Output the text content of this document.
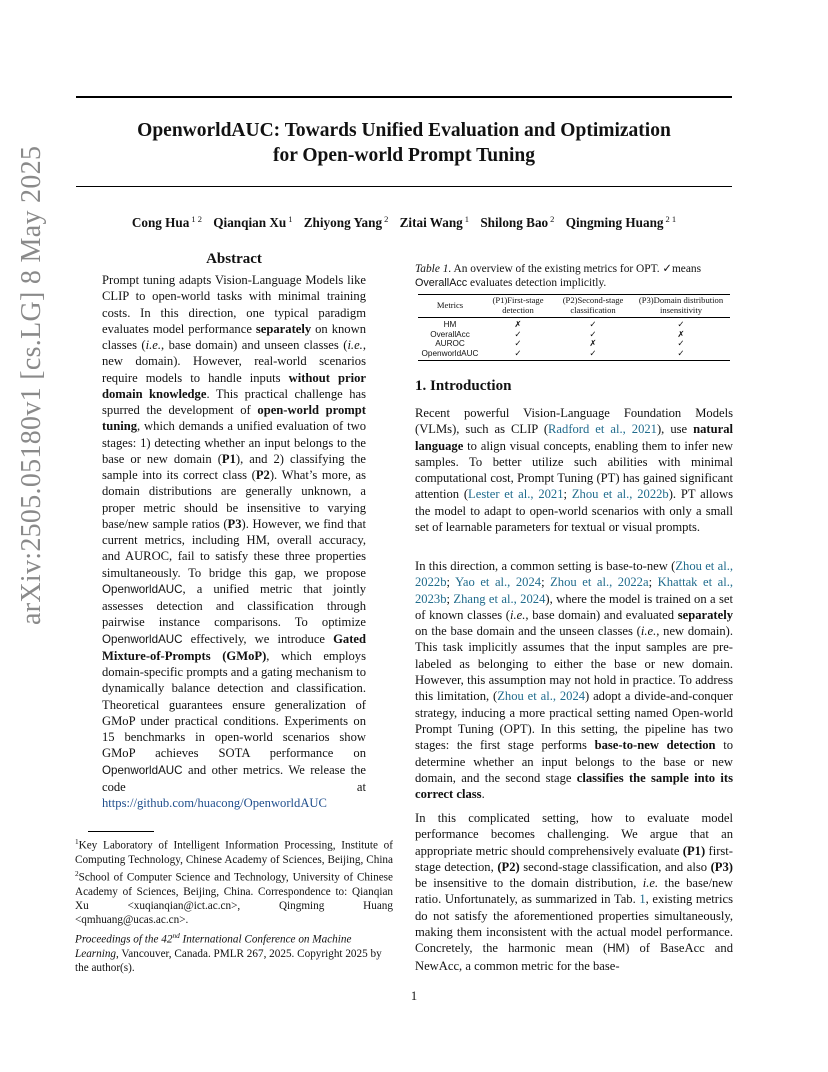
arXiv:2505.05180v1 [cs.LG] 8 May 2025
OpenworldAUC: Towards Unified Evaluation and Optimization
for Open-world Prompt Tuning
Cong Hua $^{1 2}$ Qianqian Xu $^1$ Zhiyong Yang $^2$ Zitai Wang $^1$ Shilong Bao $^2$ Qingming Huang $^{2 1}$
Abstract
Prompt tuning adapts Vision-Language Models like CLIP to open-world tasks with minimal training costs. In this direction, one typical paradigm evaluates model performance separately on known classes (i.e., base domain) and unseen classes (i.e., new domain). However, real-world scenarios require models to handle inputs without prior domain knowledge. This practical challenge has spurred the development of open-world prompt tuning, which demands a unified evaluation of two stages: 1) detecting whether an input belongs to the base or new domain (P1), and 2) classifying the sample into its correct class (P2). What’s more, as domain distributions are generally unknown, a proper metric should be insensitive to varying base/new sample ratios (P3). However, we find that current metrics, including HM, overall accuracy, and AUROC, fail to satisfy these three properties simultaneously. To bridge this gap, we propose OpenworldAUC, a unified metric that jointly assesses detection and classification through pairwise instance comparisons. To optimize OpenworldAUC effectively, we introduce Gated Mixture-of-Prompts (GMoP), which employs domain-specific prompts and a gating mechanism to dynamically balance detection and classification. Theoretical guarantees ensure generalization of GMoP under practical conditions. Experiments on 15 benchmarks in open-world scenarios show GMoP achieves SOTA performance on OpenworldAUC and other metrics. We release the code at https://github.com/huacong/OpenworldAUC
$^1$Key Laboratory of Intelligent Information Processing, Institute of Computing Technology, Chinese Academy of Sciences, Beijing, China $^2$School of Computer Science and Technology, University of Chinese Academy of Sciences, Beijing, China. Correspondence to: Qianqian Xu <xuqianqian@ict.ac.cn>, Qingming Huang <qmhuang@ucas.ac.cn>.
Proceedings of the 42nd International Conference on Machine Learning, Vancouver, Canada. PMLR 267, 2025. Copyright 2025 by the author(s).
Table 1. An overview of the existing metrics for OPT. ✓means OverallAcc evaluates detection implicitly.
Metrics	(P1)First-stage detection	(P2)Second-stage classification	(P3)Domain distribution insensitivity
HM	✗	✓	✓
OverallAcc	✓	✓	✗
AUROC	✓	✗	✓
OpenworldAUC	✓	✓	✓
1. Introduction
Recent powerful Vision-Language Foundation Models (VLMs), such as CLIP (Radford et al., 2021), use natural language to align visual concepts, enabling them to infer new samples. To better utilize such abilities with minimal computational cost, Prompt Tuning (PT) has gained significant attention (Lester et al., 2021; Zhou et al., 2022b). PT allows the model to adapt to open-world scenarios with only a small set of learnable parameters for textual or visual prompts.
In this direction, a common setting is base-to-new (Zhou et al., 2022b; Yao et al., 2024; Zhou et al., 2022a; Khattak et al., 2023b; Zhang et al., 2024), where the model is trained on a set of known classes (i.e., base domain) and evaluated separately on the base domain and the unseen classes (i.e., new domain). This task implicitly assumes that the input samples are pre-labeled as belonging to either the base or new domain. However, this assumption may not hold in practice. To address this limitation, (Zhou et al., 2024) adopt a divide-and-conquer strategy, inducing a more practical setting named Open-world Prompt Tuning (OPT). In this setting, the pipeline has two stages: the first stage performs base-to-new detection to determine whether an input belongs to the base or new domain, and the second stage classifies the sample into its correct class.
In this complicated setting, how to evaluate model performance becomes challenging. We argue that an appropriate metric should comprehensively evaluate (P1) first-stage detection, (P2) second-stage classification, and also (P3) be insensitive to the domain distribution, i.e. the base/new ratio. Unfortunately, as summarized in Tab. 1, existing metrics do not satisfy the aforementioned properties simultaneously, making them inconsistent with the actual model performance. Concretely, the harmonic mean (HM) of BaseAcc and NewAcc, a common metric for the base-
1
